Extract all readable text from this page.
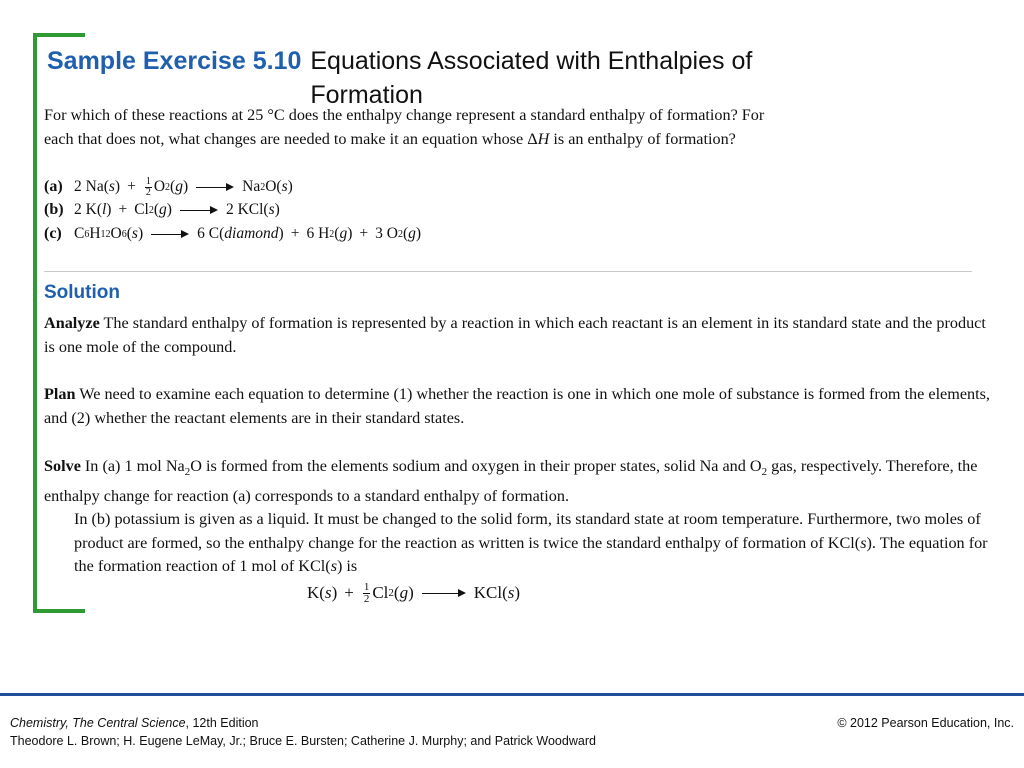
Sample Exercise 5.10 Equations Associated with Enthalpies of Formation
For which of these reactions at 25 °C does the enthalpy change represent a standard enthalpy of formation? For
each that does not, what changes are needed to make it an equation whose ΔH is an enthalpy of formation?
(a) 2 Na( s ) + $\frac{1}{2}$ O 2 ( g )	Na 2 O( s )
(b) 2 K( l ) + Cl 2 ( g )	2 KCl( s )
(c) C 6 H 12 O 6 ( s )	6 C( diamond ) + 6 H 2 ( g ) + 3 O 2 ( g )
Solution
Analyze The standard enthalpy of formation is represented by a reaction in which each reactant is an element in its standard state and the product is one mole of the compound.
Plan We need to examine each equation to determine (1) whether the reaction is one in which one mole of substance is formed from the elements, and (2) whether the reactant elements are in their standard states.
Solve In (a) 1 mol $Na_2O$ is formed from the elements sodium and oxygen in their proper states, solid Na and $O_2$ gas, respectively. Therefore, the enthalpy change for reaction (a) corresponds to a standard enthalpy of formation.
In (b) potassium is given as a liquid. It must be changed to the solid form, its standard state at room temperature. Furthermore, two moles of product are formed, so the enthalpy change for the reaction as written is twice the standard enthalpy of formation of KCl(s). The equation for the formation reaction of 1 mol of KCl(s) is
K( s ) + $\frac{1}{2}$ Cl 2 ( g )	KCl( s )
Chemistry, The Central Science, 12th Edition
Theodore L. Brown; H. Eugene LeMay, Jr.; Bruce E. Bursten; Catherine J. Murphy; and Patrick Woodward
© 2012 Pearson Education, Inc.
